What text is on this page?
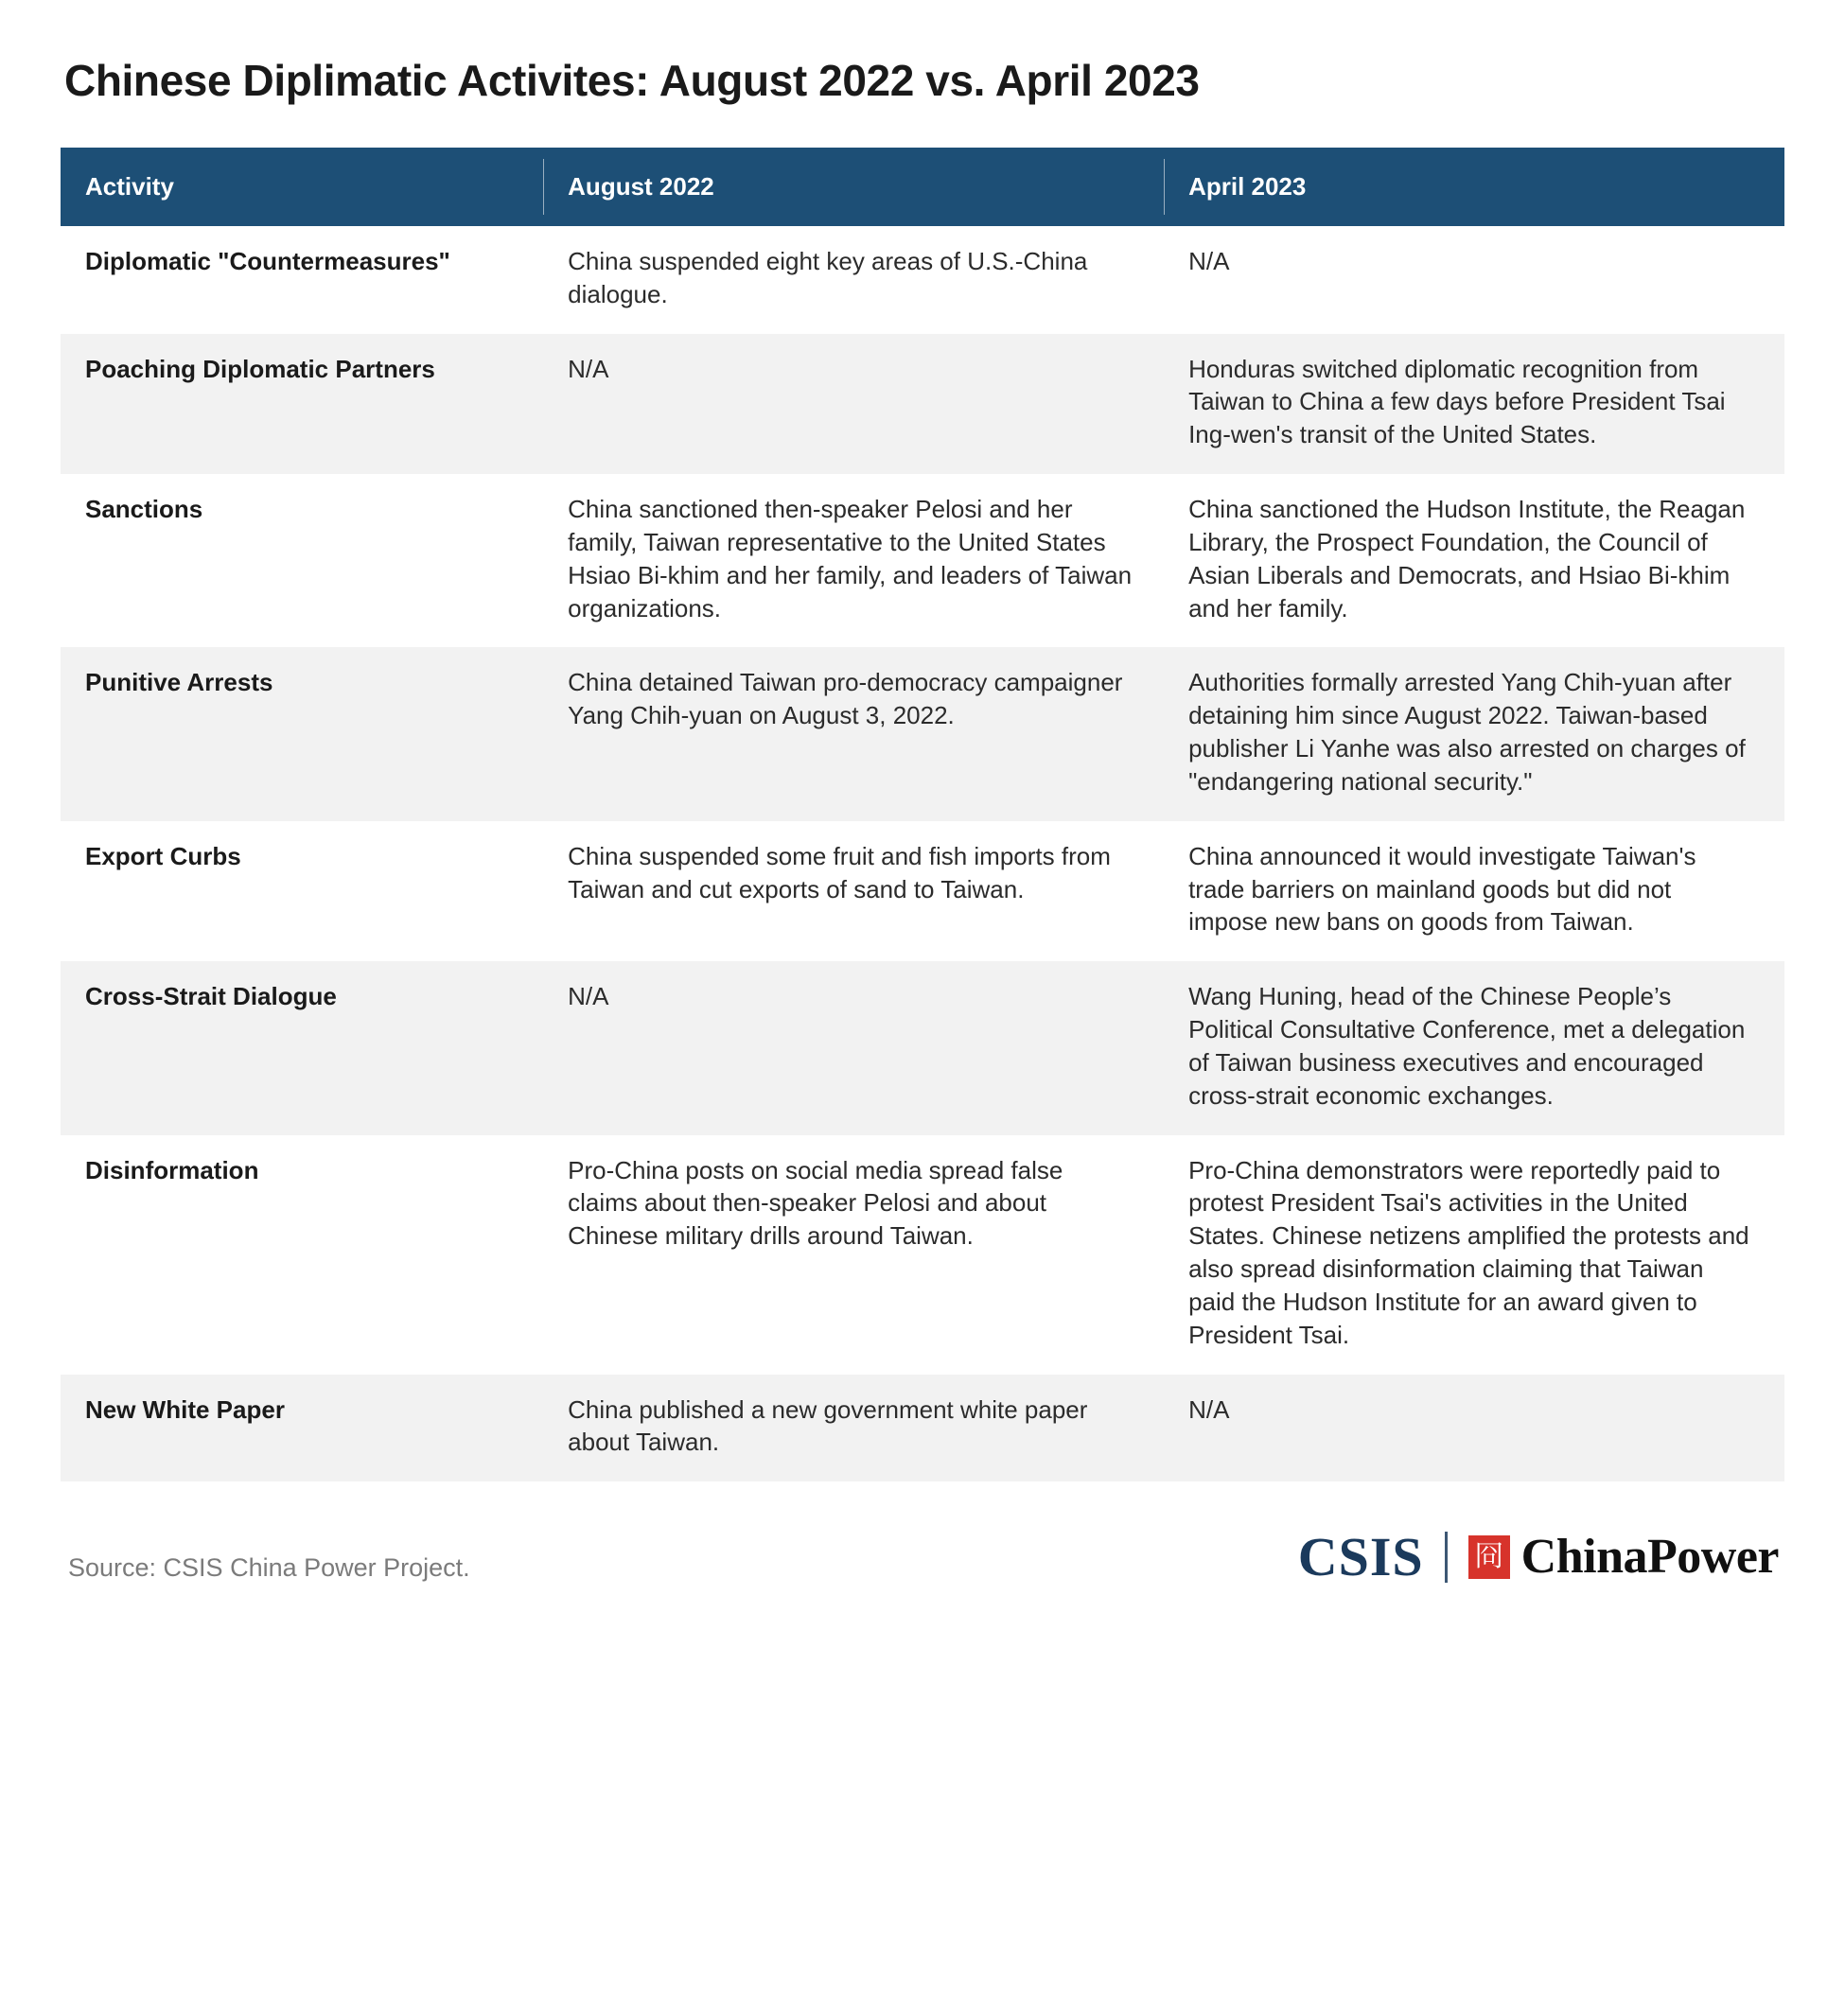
Chinese Diplimatic Activites: August 2022 vs. April 2023
Activity	August 2022	April 2023
Diplomatic "Countermeasures"	China suspended eight key areas of U.S.-China dialogue.	N/A
Poaching Diplomatic Partners	N/A	Honduras switched diplomatic recognition from Taiwan to China a few days before President Tsai Ing-wen's transit of the United States.
Sanctions	China sanctioned then-speaker Pelosi and her family, Taiwan representative to the United States Hsiao Bi-khim and her family, and leaders of Taiwan organizations.	China sanctioned the Hudson Institute, the Reagan Library, the Prospect Foundation, the Council of Asian Liberals and Democrats, and Hsiao Bi-khim and her family.
Punitive Arrests	China detained Taiwan pro-democracy campaigner Yang Chih-yuan on August 3, 2022.	Authorities formally arrested Yang Chih-yuan after detaining him since August 2022. Taiwan-based publisher Li Yanhe was also arrested on charges of "endangering national security."
Export Curbs	China suspended some fruit and fish imports from Taiwan and cut exports of sand to Taiwan.	China announced it would investigate Taiwan's trade barriers on mainland goods but did not impose new bans on goods from Taiwan.
Cross-Strait Dialogue	N/A	Wang Huning, head of the Chinese People’s Political Consultative Conference, met a delegation of Taiwan business executives and encouraged cross-strait economic exchanges.
Disinformation	Pro-China posts on social media spread false claims about then-speaker Pelosi and about Chinese military drills around Taiwan.	Pro-China demonstrators were reportedly paid to protest President Tsai's activities in the United States. Chinese netizens amplified the protests and also spread disinformation claiming that Taiwan paid the Hudson Institute for an award given to President Tsai.
New White Paper	China published a new government white paper about Taiwan.	N/A
Source: CSIS China Power Project.	CSIS 冏 ChinaPower
